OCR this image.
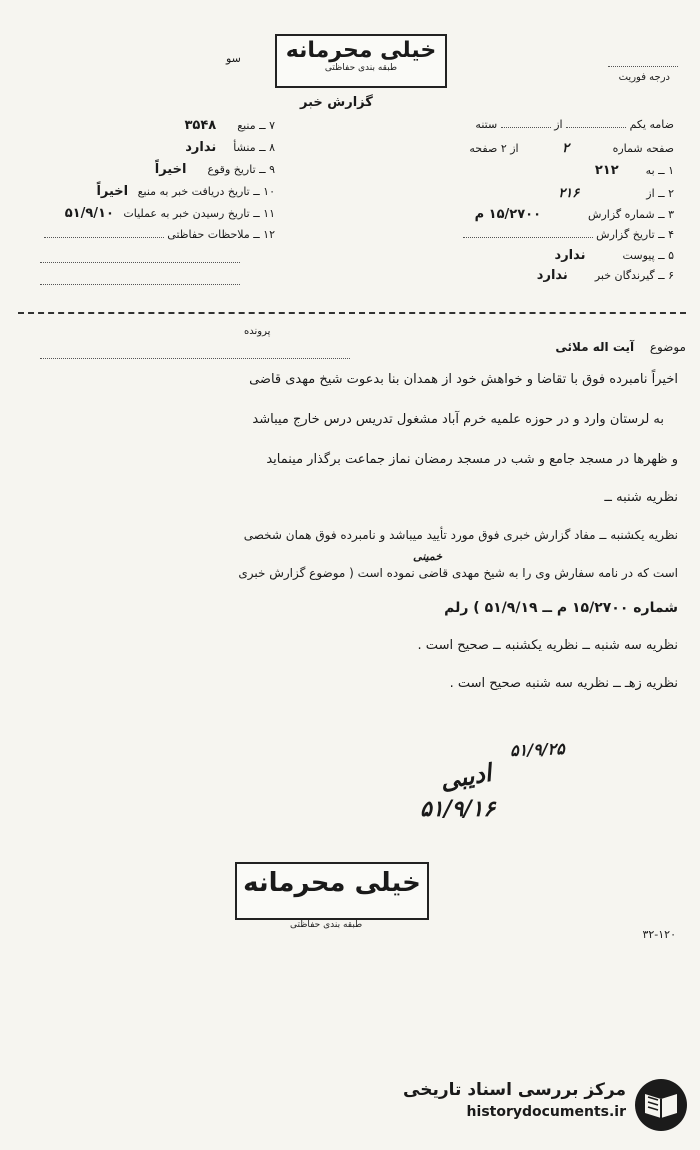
خیلی محرمانه
طبقه بندی حفاظتی
سو
درجه فوریت
گزارش خبر
ضامه یکم  از  ستنه
صفحه شماره ۲ از ۲ صفحه
۱ ــ به  ۲۱۲
۲ ــ از  ۲۱۶
۳ ــ شماره گزارش  ۱۵/۲۷۰۰ م
۴ ــ تاریخ گزارش
۵ ــ پیوست  ندارد
۶ ــ گیرندگان خبر  ندارد
۷ ــ منبع  ۳۵۴۸
۸ ــ منشأ  ندارد
۹ ــ تاریخ وقوع  اخیراً
۱۰ ــ تاریخ دریافت خبر به منبع اخیراً
۱۱ ــ تاریخ رسیدن خبر به عملیات ۵۱/۹/۱۰
۱۲ ــ ملاحظات حفاظتی
پرونده
موضوع  آیت اله ملائی
اخیراً نامبرده فوق با تقاضا و خواهش خود از همدان بنا بدعوت شیخ مهدی قاضی
به لرستان وارد و در حوزه علمیه خرم آباد مشغول تدریس درس خارج میباشد
و ظهرها در مسجد جامع و شب در مسجد رمضان نماز جماعت برگذار مینماید
نظریه شنبه ــ
نظریه یکشنبه ــ مفاد گزارش خبری فوق مورد تأیید میباشد و نامبرده فوق همان شخصی
خمینی
است که در نامه سفارش وی را به شیخ مهدی قاضی نموده است ( موضوع گزارش خبری
شماره ۱۵/۲۷۰۰ م ــ ۵۱/۹/۱۹ ) رلم
نظریه سه شنبه ــ نظریه یکشنبه ــ صحیح است .
نظریه زهـ ــ نظریه سه شنبه صحیح است .
۵۱/۹/۲۵
ادیبی
۵۱/۹/۱۶
خیلی محرمانه
طبقه بندی حفاظتی
۳۲-۱۲۰
مرکز بررسی اسناد تاریخی
historydocuments.ir
